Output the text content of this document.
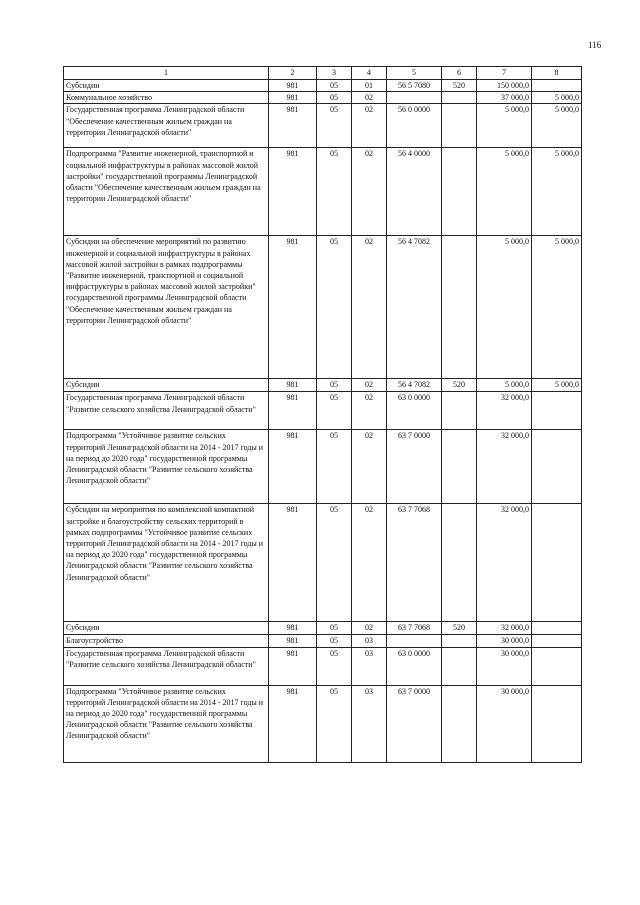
116
1	2	3	4	5	6	7	8
Субсидии	981	05	01	56 5 7080	520	150 000,0	
Коммунальное хозяйство	981	05	02			37 000,0	5 000,0
Государственная программа Ленинградской области "Обеспечение качественным жильем граждан на территории Ленинградской области"	981	05	02	56 0 0000		5 000,0	5 000,0
Подпрограмма "Развитие инженерной, транспортной и социальной инфраструктуры в районах массовой жилой застройки" государственной программы Ленинградской области "Обеспечение качественным жильем граждан на территории Ленинградской области"	981	05	02	56 4 0000		5 000,0	5 000,0
Субсидии на обеспечение мероприятий по развитию инженерной и социальной инфраструктуры в районах массовой жилой застройки в рамках подпрограммы "Развитие инженерной, транспортной и социальной инфраструктуры в районах массовой жилой застройки" государственной программы Ленинградской области "Обеспечение качественным жильем граждан на территории Ленинградской области"	981	05	02	56 4 7082		5 000,0	5 000,0
Субсидии	981	05	02	56 4 7082	520	5 000,0	5 000,0
Государственная программа Ленинградской области "Развитие сельского хозяйства Ленинградской области"	981	05	02	63 0 0000		32 000,0	
Подпрограмма "Устойчивое развитие сельских территорий Ленинградской области на 2014 - 2017 годы и на период до 2020 года" государственной программы Ленинградской области "Развитие сельского хозяйства Ленинградской области"	981	05	02	63 7 0000		32 000,0	
Субсидии на мероприятия по комплексной компактной застройке и благоустройству сельских территорий в рамках подпрограммы "Устойчивое развитие сельских территорий Ленинградской области на 2014 - 2017 годы и на период до 2020 года" государственной программы Ленинградской области "Развитие сельского хозяйства Ленинградской области"	981	05	02	63 7 7068		32 000,0	
Субсидии	981	05	02	63 7 7068	520	32 000,0	
Благоустройство	981	05	03			30 000,0	
Государственная программа Ленинградской области "Развитие сельского хозяйства Ленинградской области"	981	05	03	63 0 0000		30 000,0	
Подпрограмма "Устойчивое развитие сельских территорий Ленинградской области на 2014 - 2017 годы и на период до 2020 года" государственной программы Ленинградской области "Развитие сельского хозяйства Ленинградской области"	981	05	03	63 7 0000		30 000,0	
